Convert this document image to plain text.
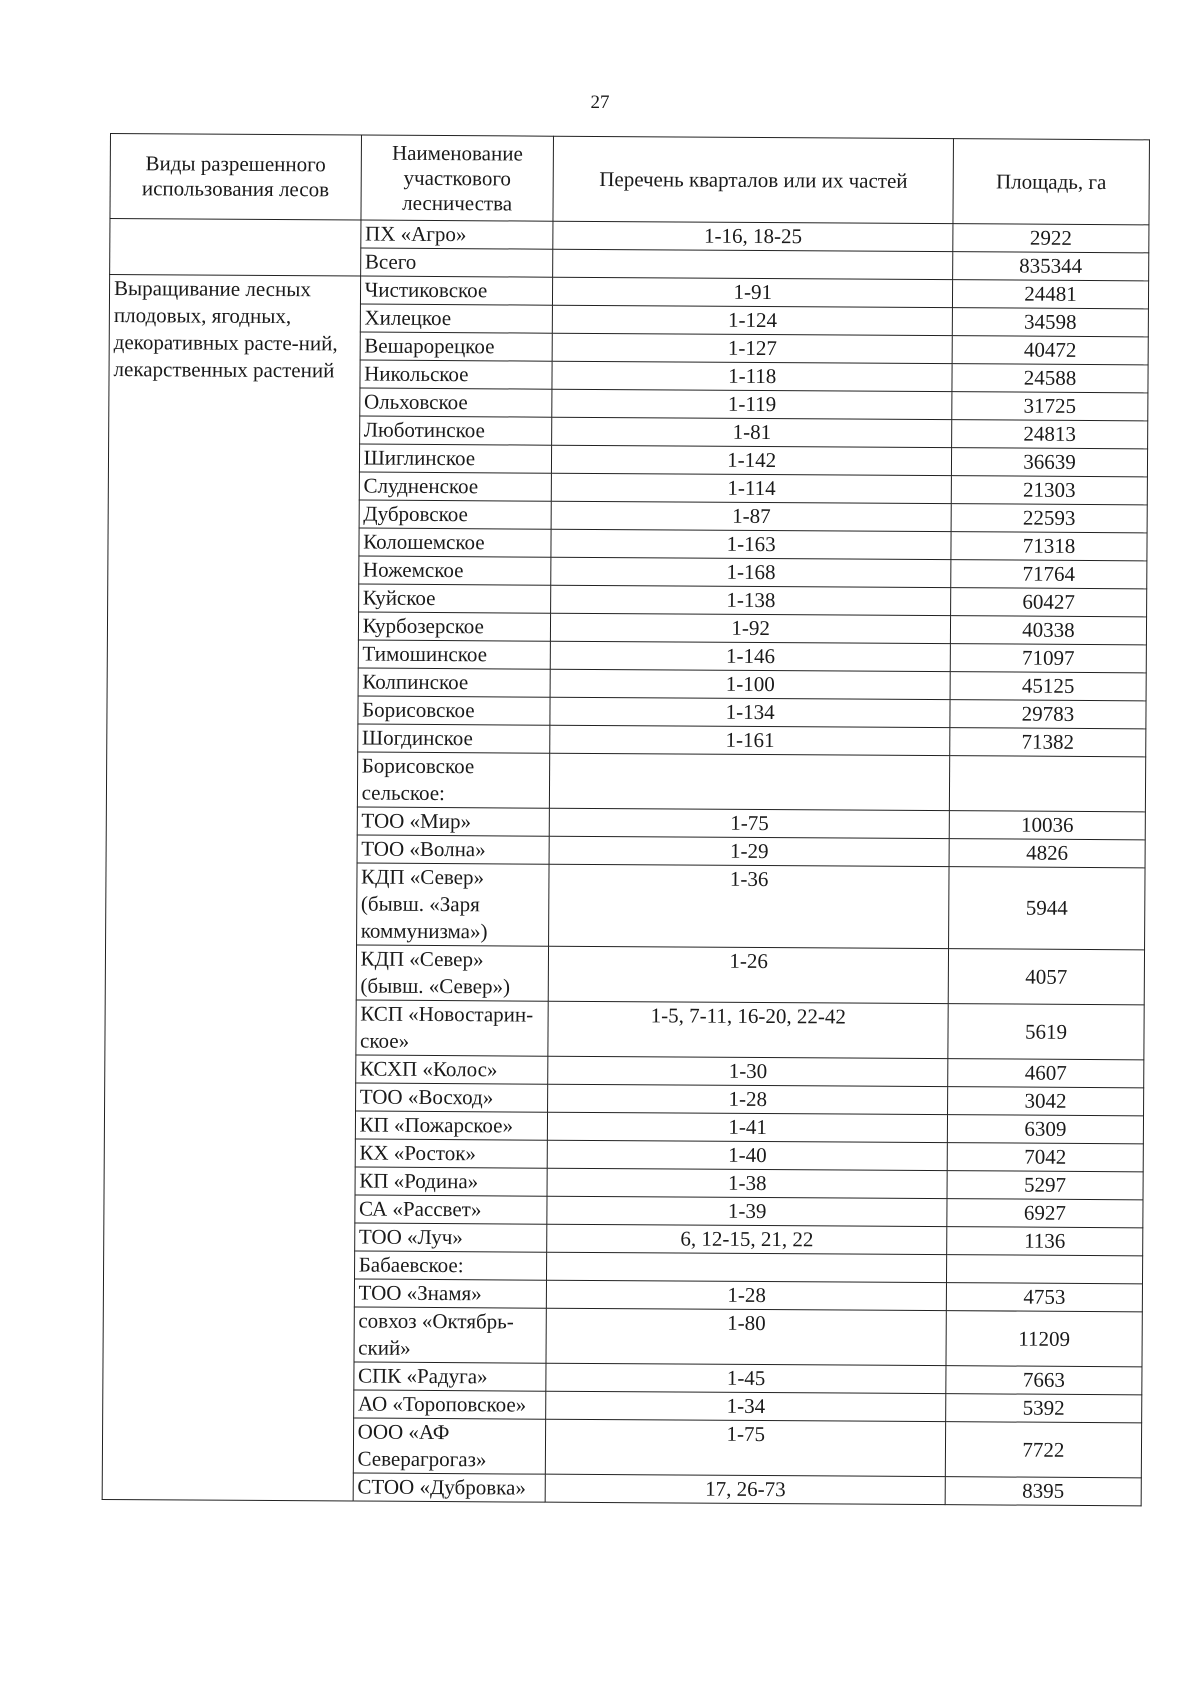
27
Виды разрешенного использования лесов	Наименование участкового лесничества	Перечень кварталов или их частей	Площадь, га
	ПХ «Агро»	1-16, 18-25	2922
	Всего		835344
Выращивание лесных плодовых, ягодных, декоративных расте-ний, лекарственных растений	Чистиковское	1-91	24481
	Хилецкое	1-124	34598
	Вешарорецкое	1-127	40472
	Никольское	1-118	24588
	Ольховское	1-119	31725
	Люботинское	1-81	24813
	Шиглинское	1-142	36639
	Слудненское	1-114	21303
	Дубровское	1-87	22593
	Колошемское	1-163	71318
	Ножемское	1-168	71764
	Куйское	1-138	60427
	Курбозерское	1-92	40338
	Тимошинское	1-146	71097
	Колпинское	1-100	45125
	Борисовское	1-134	29783
	Шогдинское	1-161	71382
	Борисовское сельское:		
	ТОО «Мир»	1-75	10036
	ТОО «Волна»	1-29	4826
	КДП «Север» (бывш. «Заря коммунизма»)	1-36	5944
	КДП «Север» (бывш. «Север»)	1-26	4057
	КСП «Новостарин-ское»	1-5, 7-11, 16-20, 22-42	5619
	КСХП «Колос»	1-30	4607
	ТОО «Восход»	1-28	3042
	КП «Пожарское»	1-41	6309
	КХ «Росток»	1-40	7042
	КП «Родина»	1-38	5297
	СА «Рассвет»	1-39	6927
	ТОО «Луч»	6, 12-15, 21, 22	1136
	Бабаевское:		
	ТОО «Знамя»	1-28	4753
	совхоз «Октябрь-ский»	1-80	11209
	СПК «Радуга»	1-45	7663
	АО «Тороповское»	1-34	5392
	ООО «АФ Северагрогаз»	1-75	7722
	СТОО «Дубровка»	17, 26-73	8395
